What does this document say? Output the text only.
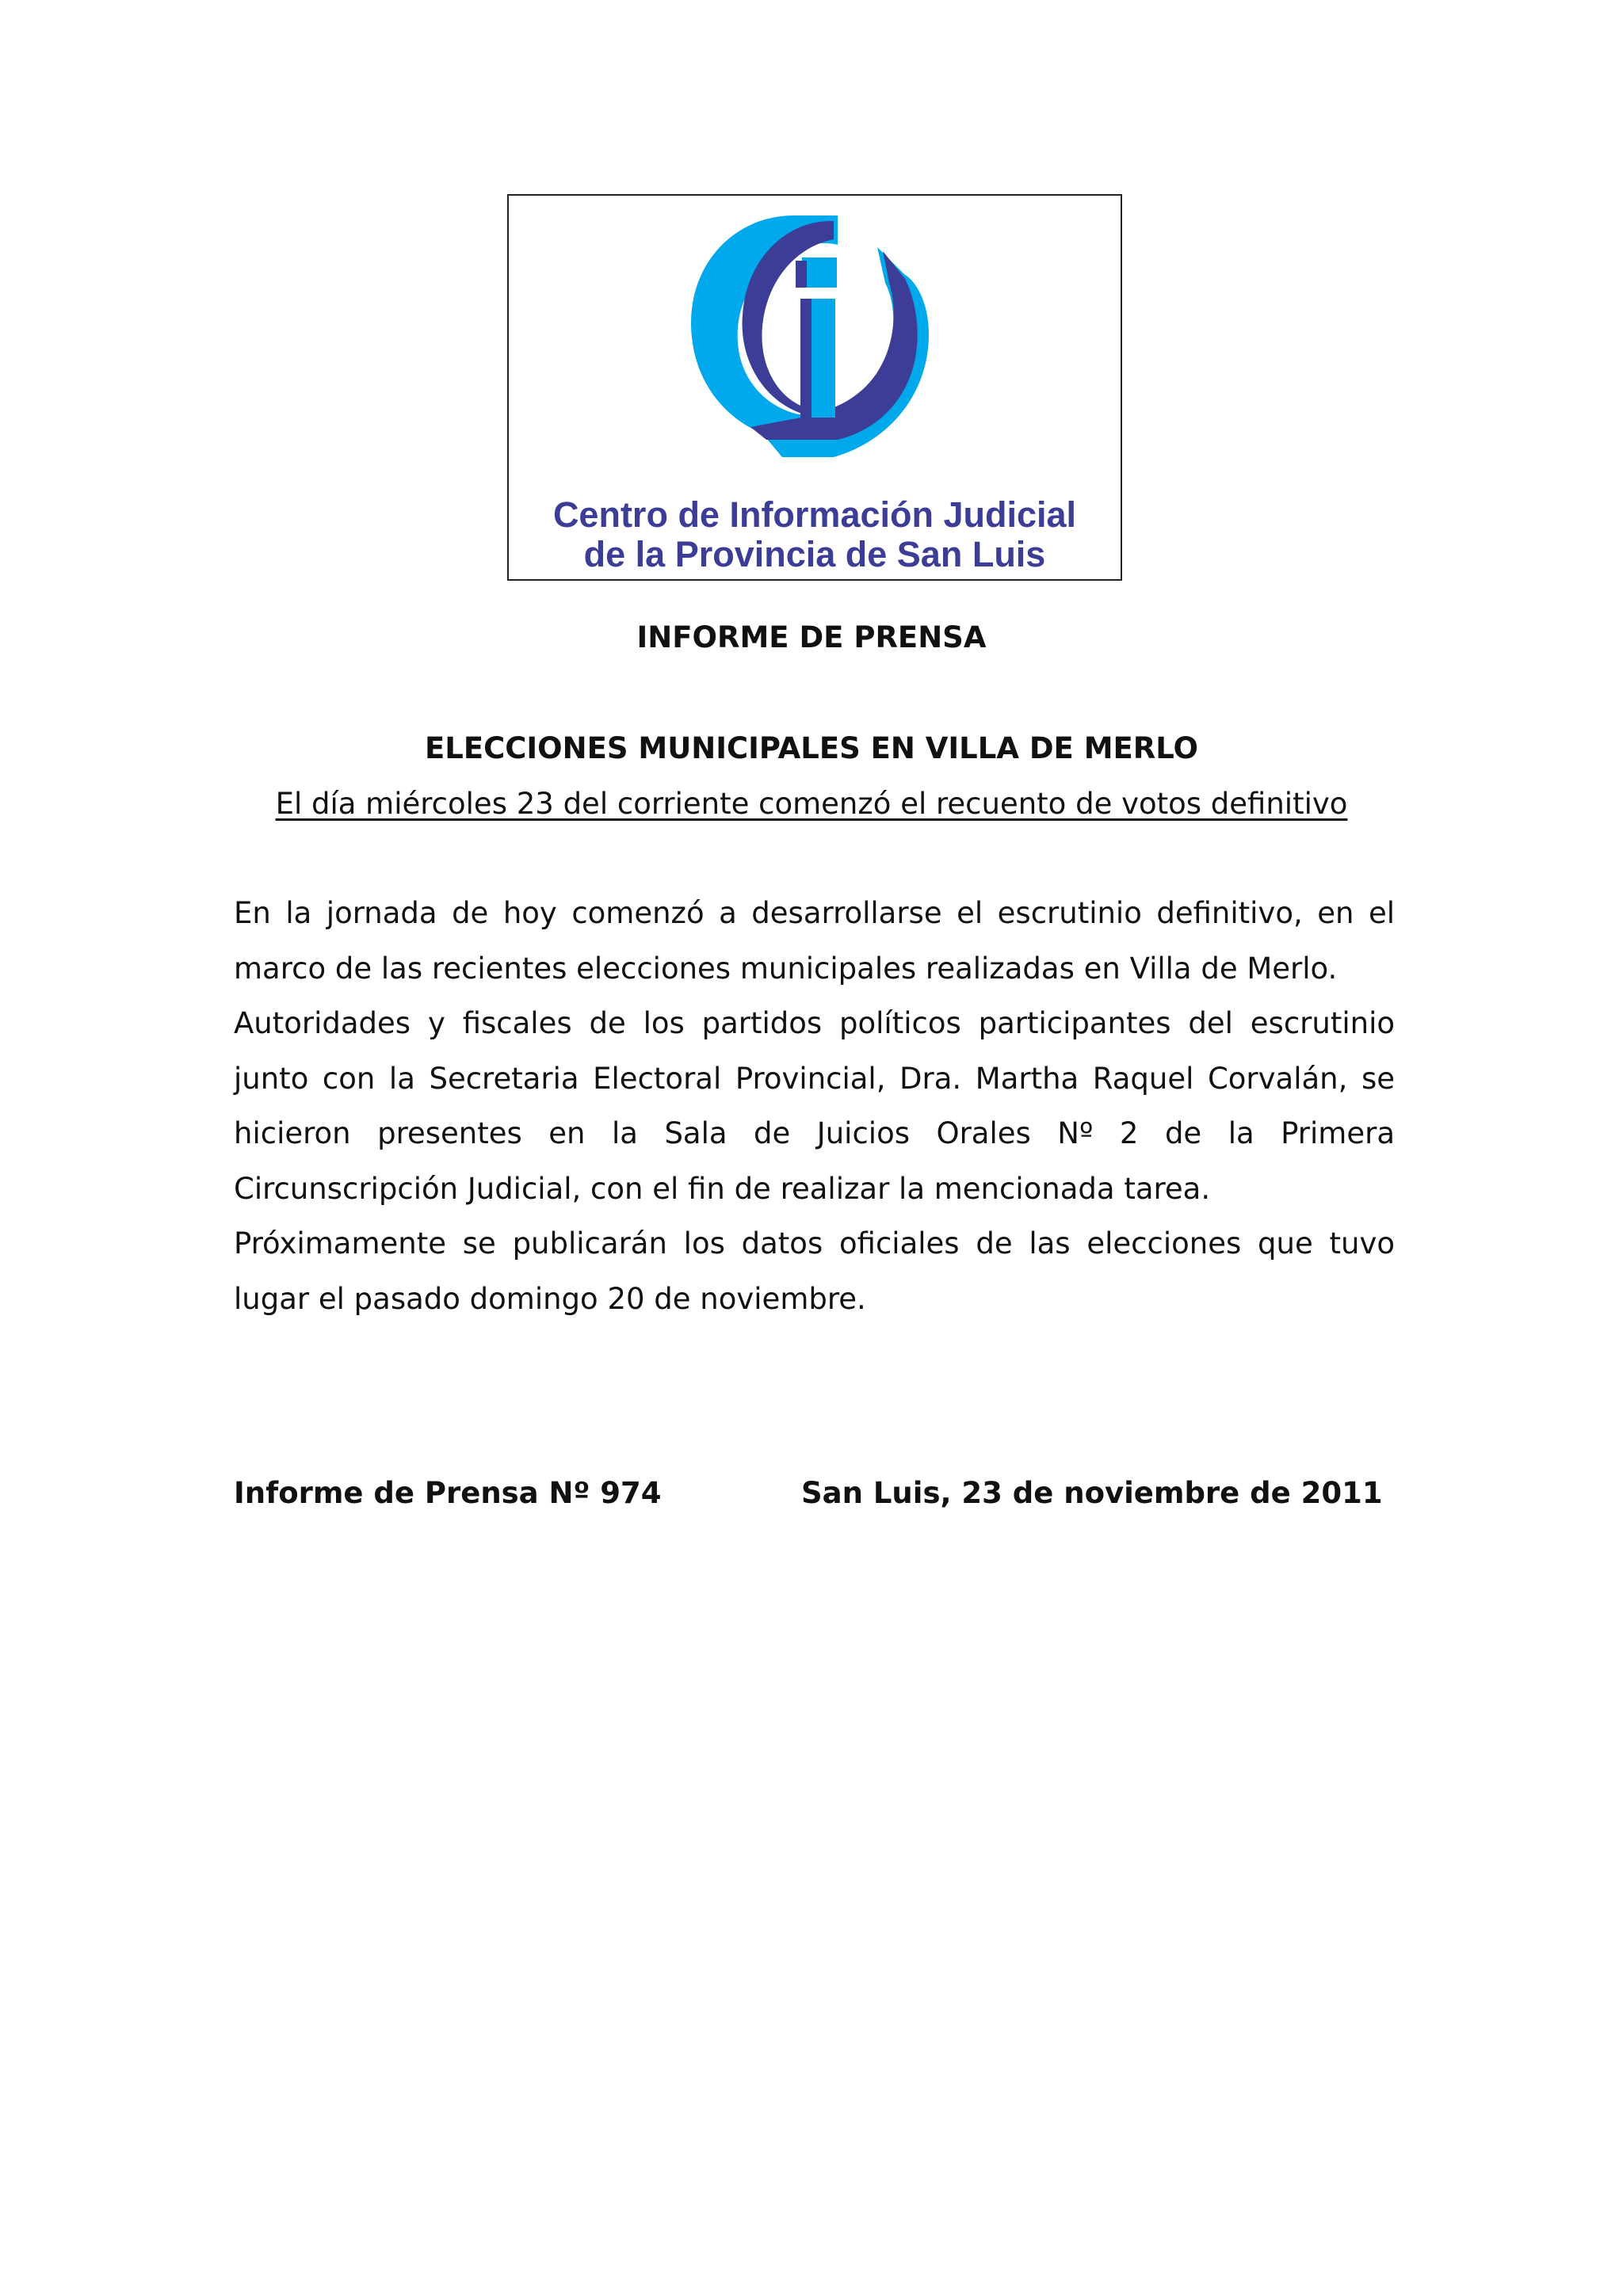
Centro de Información Judicial
de la Provincia de San Luis
INFORME DE PRENSA
ELECCIONES MUNICIPALES EN VILLA DE MERLO
El día miércoles 23 del corriente comenzó el recuento de votos definitivo

En la jornada de hoy comenzó a desarrollarse el escrutinio definitivo, en el marco de las recientes elecciones municipales realizadas en Villa de Merlo.

Autoridades y fiscales de los partidos políticos participantes del escrutinio junto con la Secretaria Electoral Provincial, Dra. Martha Raquel Corvalán, se hicieron presentes en la Sala de Juicios Orales Nº 2 de la Primera Circunscripción Judicial, con el fin de realizar la mencionada tarea.

Próximamente se publicarán los datos oficiales de las elecciones que tuvo lugar el pasado domingo 20 de noviembre.

Informe de Prensa Nº 974	San Luis, 23 de noviembre de 2011
